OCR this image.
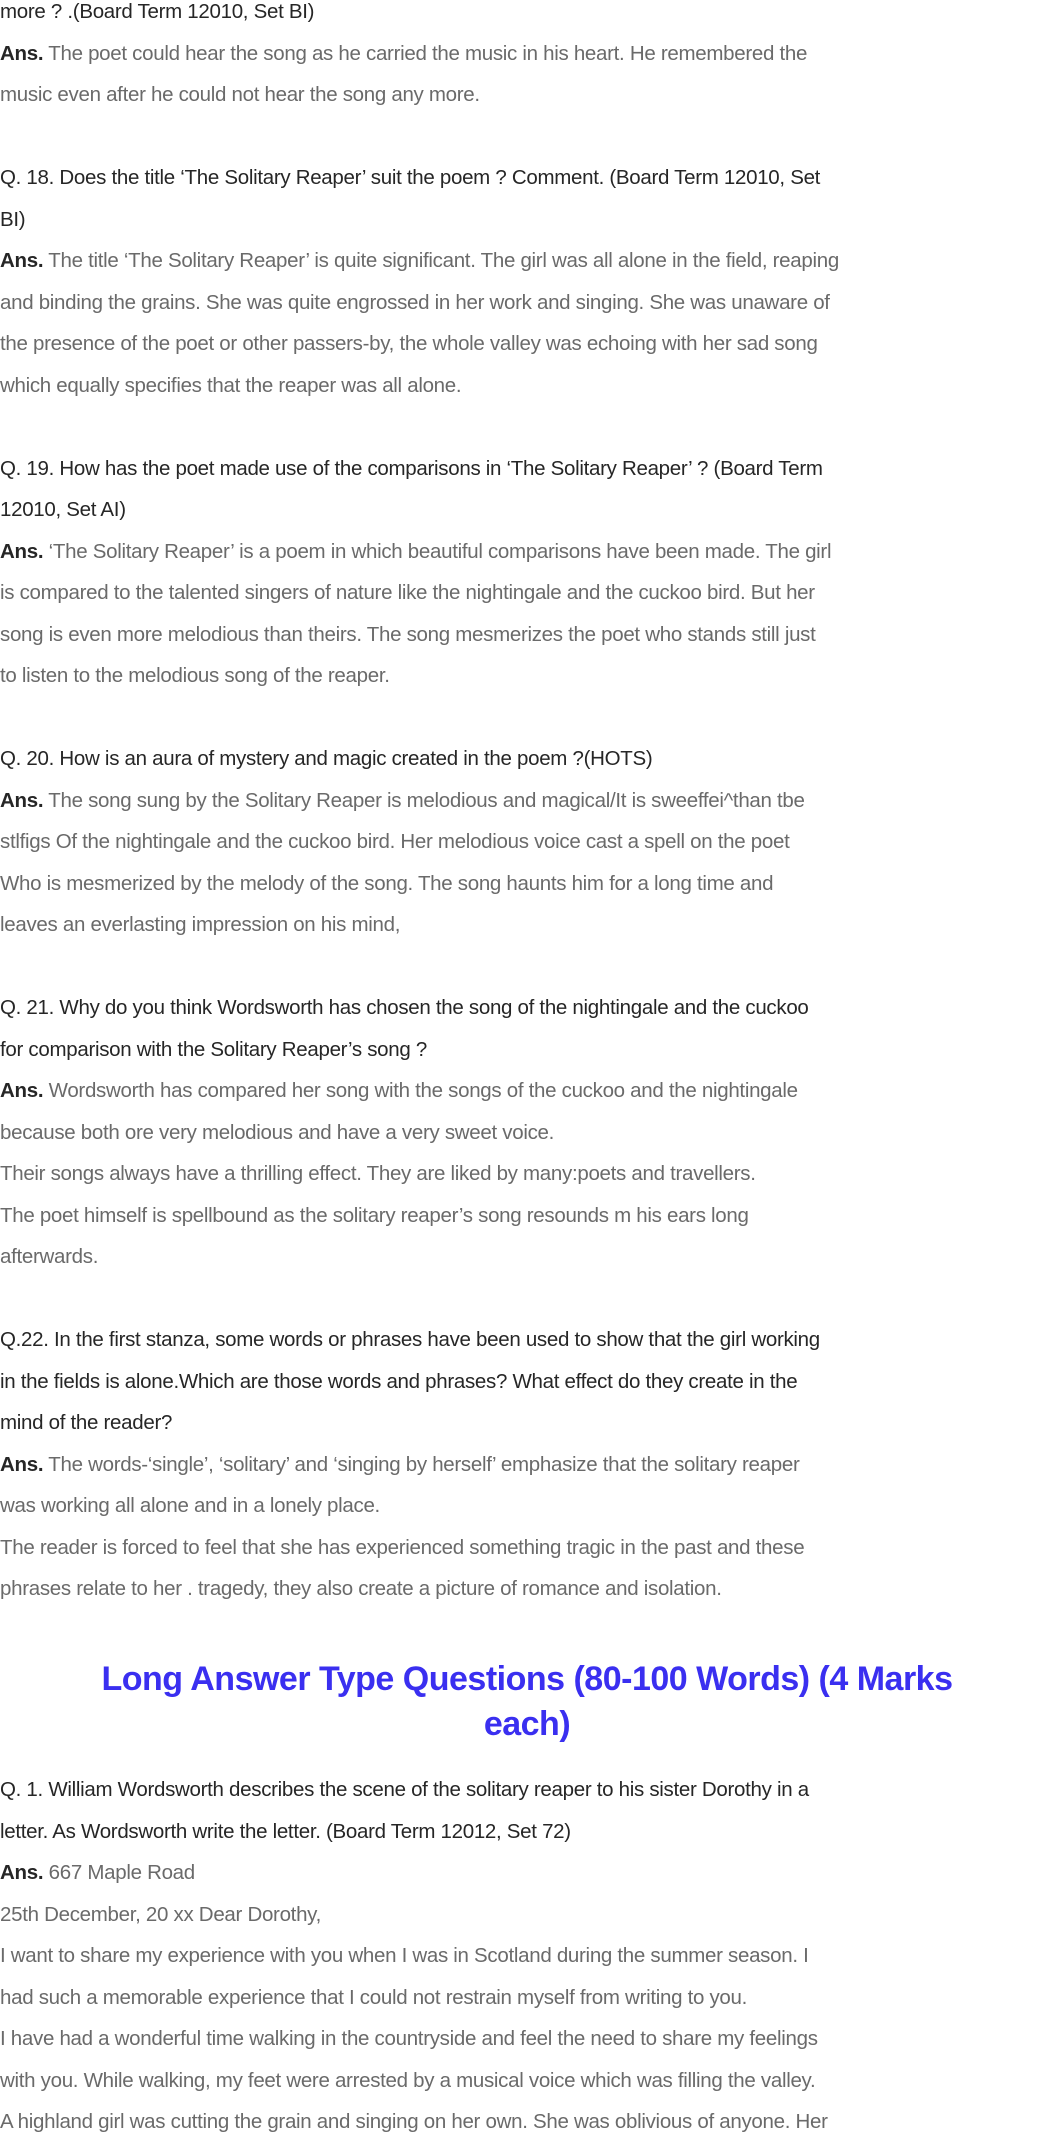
more ? .(Board Term 12010, Set BI)
Ans. The poet could hear the song as he carried the music in his heart. He remembered the
music even after he could not hear the song any more.
Q. 18. Does the title ‘The Solitary Reaper’ suit the poem ? Comment. (Board Term 12010, Set
BI)
Ans. The title ‘The Solitary Reaper’ is quite significant. The girl was all alone in the field, reaping
and binding the grains. She was quite engrossed in her work and singing. She was unaware of
the presence of the poet or other passers-by, the whole valley was echoing with her sad song
which equally specifies that the reaper was all alone.
Q. 19. How has the poet made use of the comparisons in ‘The Solitary Reaper’ ? (Board Term
12010, Set AI)
Ans. ‘The Solitary Reaper’ is a poem in which beautiful comparisons have been made. The girl
is compared to the talented singers of nature like the nightingale and the cuckoo bird. But her
song is even more melodious than theirs. The song mesmerizes the poet who stands still just
to listen to the melodious song of the reaper.
Q. 20. How is an aura of mystery and magic created in the poem ?(HOTS)
Ans. The song sung by the Solitary Reaper is melodious and magical/It is sweeffei^than tbe
stlfigs Of the nightingale and the cuckoo bird. Her melodious voice cast a spell on the poet
Who is mesmerized by the melody of the song. The song haunts him for a long time and
leaves an everlasting impression on his mind,
Q. 21. Why do you think Wordsworth has chosen the song of the nightingale and the cuckoo
for comparison with the Solitary Reaper’s song ?
Ans. Wordsworth has compared her song with the songs of the cuckoo and the nightingale
because both ore very melodious and have a very sweet voice.
Their songs always have a thrilling effect. They are liked by many:poets and travellers.
The poet himself is spellbound as the solitary reaper’s song resounds m his ears long
afterwards.
Q.22. In the first stanza, some words or phrases have been used to show that the girl working
in the fields is alone.Which are those words and phrases? What effect do they create in the
mind of the reader?
Ans. The words-‘single’, ‘solitary’ and ‘singing by herself’ emphasize that the solitary reaper
was working all alone and in a lonely place.
The reader is forced to feel that she has experienced something tragic in the past and these
phrases relate to her . tragedy, they also create a picture of romance and isolation.
Long Answer Type Questions (80-100 Words) (4 Marks
each)
Q. 1. William Wordsworth describes the scene of the solitary reaper to his sister Dorothy in a
letter. As Wordsworth write the letter. (Board Term 12012, Set 72)
Ans. 667 Maple Road
25th December, 20 xx Dear Dorothy,
I want to share my experience with you when I was in Scotland during the summer season. I
had such a memorable experience that I could not restrain myself from writing to you.
I have had a wonderful time walking in the countryside and feel the need to share my feelings
with you. While walking, my feet were arrested by a musical voice which was filling the valley.
A highland girl was cutting the grain and singing on her own. She was oblivious of anyone. Her
